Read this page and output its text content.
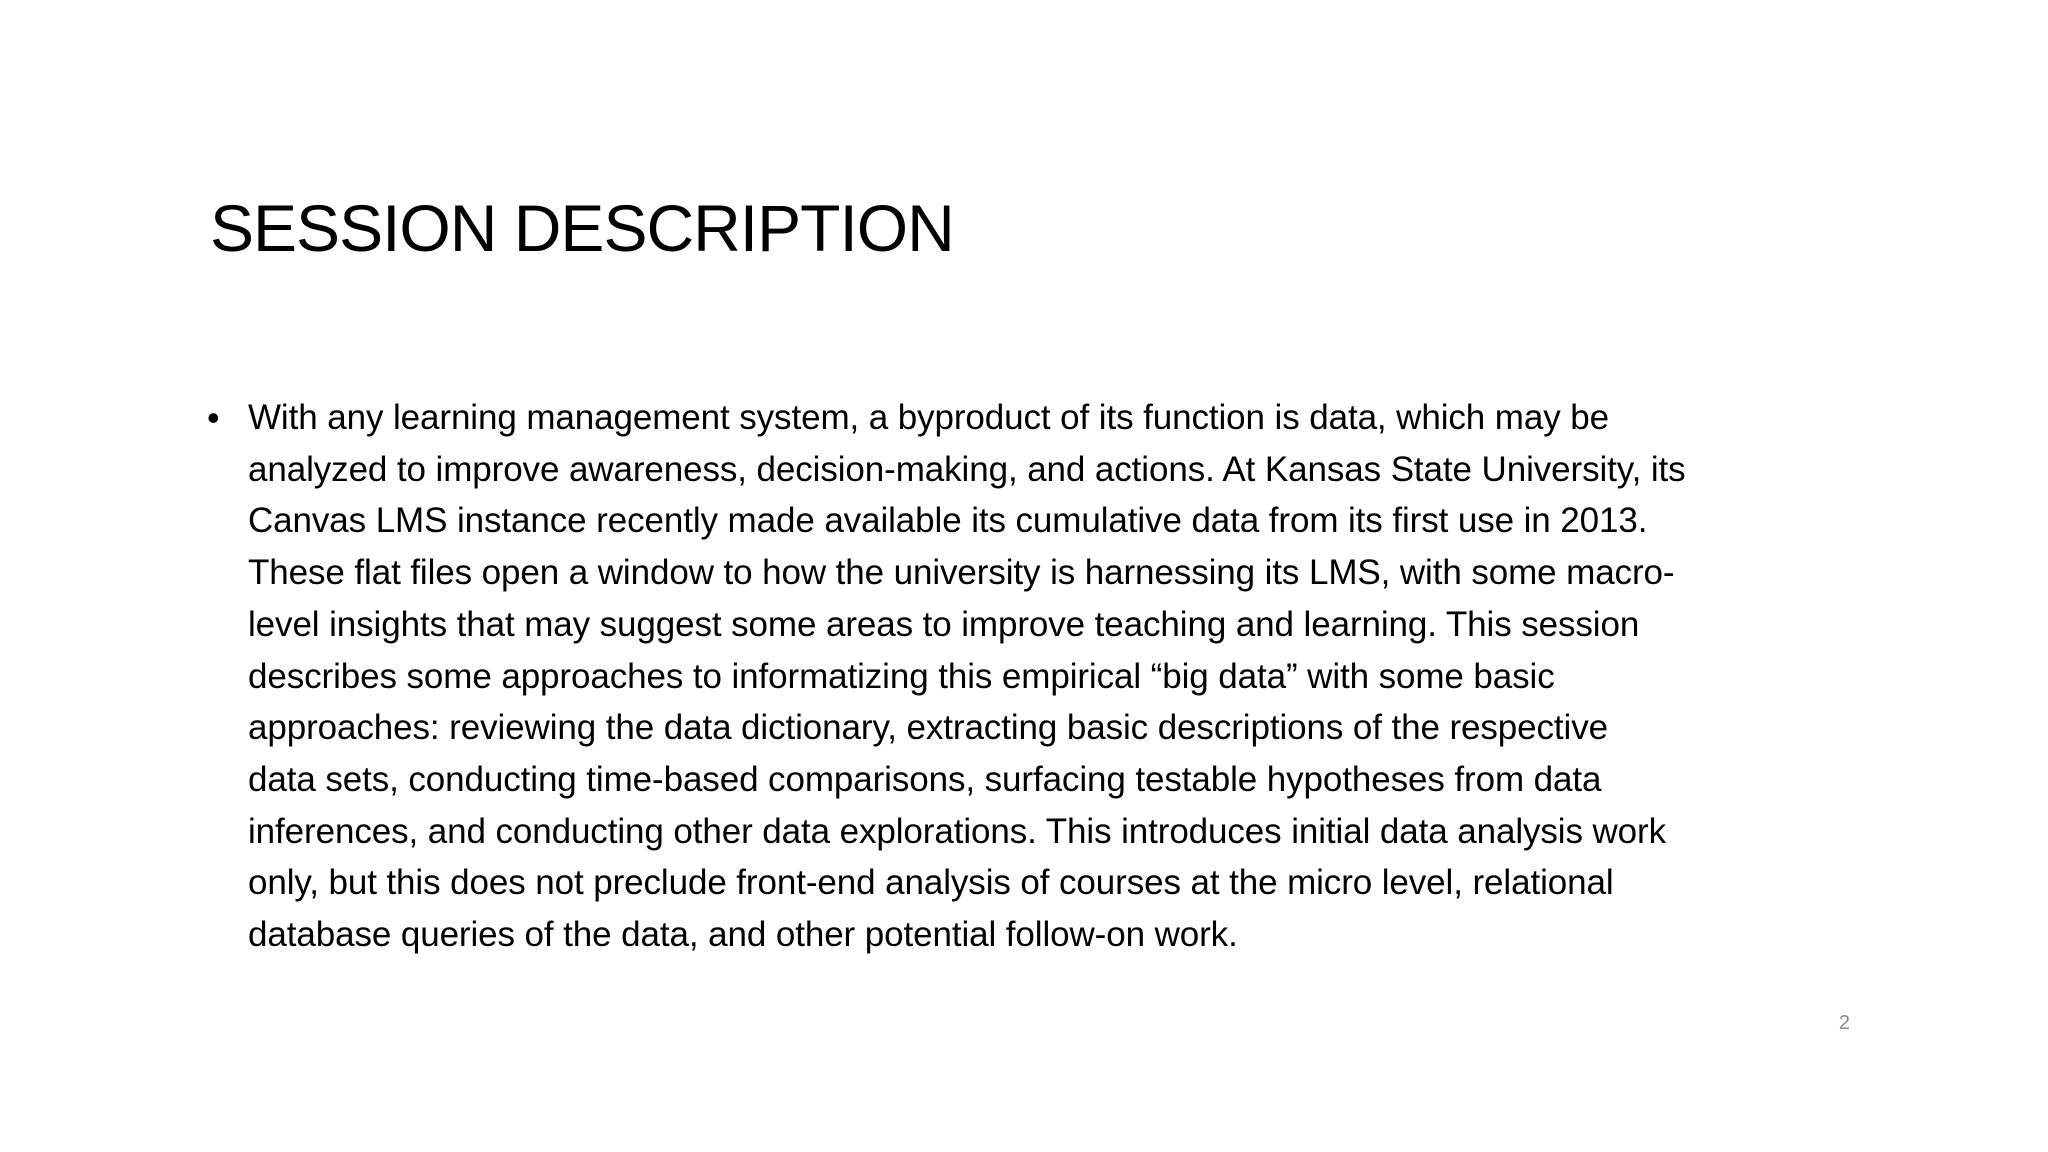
SESSION DESCRIPTION
• With any learning management system, a byproduct of its function is data, which may be
analyzed to improve awareness, decision-making, and actions. At Kansas State University, its
Canvas LMS instance recently made available its cumulative data from its first use in 2013.
These flat files open a window to how the university is harnessing its LMS, with some macro-
level insights that may suggest some areas to improve teaching and learning. This session
describes some approaches to informatizing this empirical “big data” with some basic
approaches: reviewing the data dictionary, extracting basic descriptions of the respective
data sets, conducting time-based comparisons, surfacing testable hypotheses from data
inferences, and conducting other data explorations. This introduces initial data analysis work
only, but this does not preclude front-end analysis of courses at the micro level, relational
database queries of the data, and other potential follow-on work.
2
